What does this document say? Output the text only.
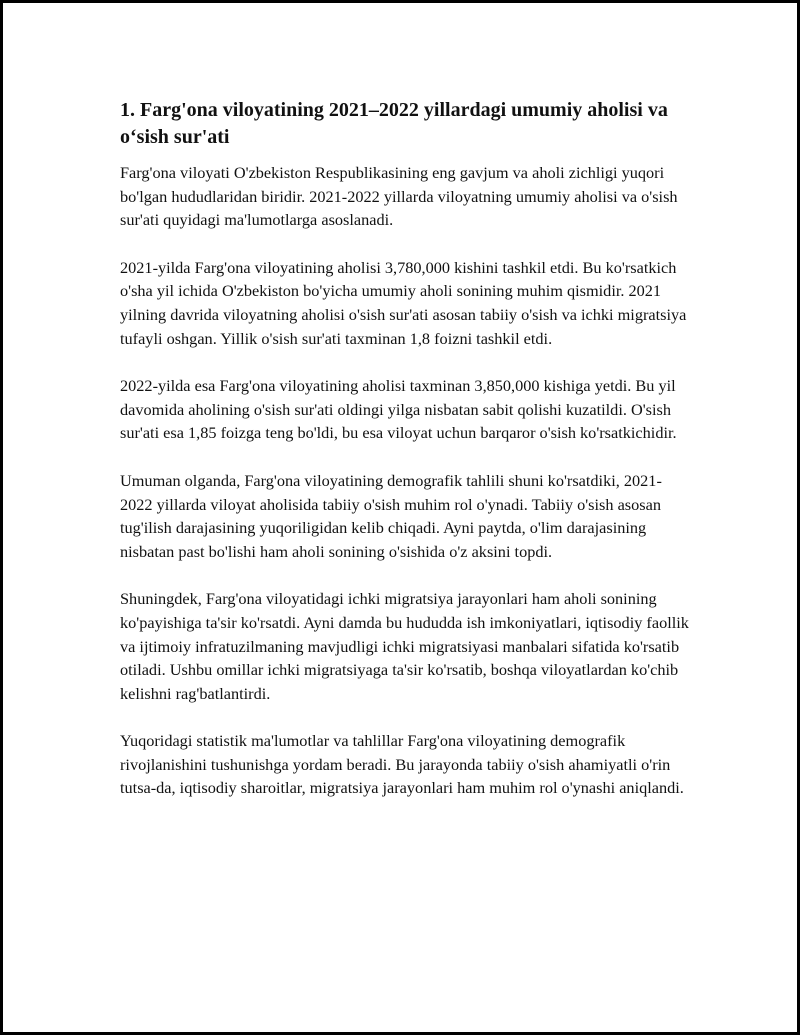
1. Farg'ona viloyatining 2021–2022 yillardagi umumiy aholisi va oʻsish sur'ati

Farg'ona viloyati O'zbekiston Respublikasining eng gavjum va aholi zichligi yuqori bo'lgan hududlaridan biridir. 2021-2022 yillarda viloyatning umumiy aholisi va o'sish sur'ati quyidagi ma'lumotlarga asoslanadi.

2021-yilda Farg'ona viloyatining aholisi 3,780,000 kishini tashkil etdi. Bu ko'rsatkich o'sha yil ichida O'zbekiston bo'yicha umumiy aholi sonining muhim qismidir. 2021 yilning davrida viloyatning aholisi o'sish sur'ati asosan tabiiy o'sish va ichki migratsiya tufayli oshgan. Yillik o'sish sur'ati taxminan 1,8 foizni tashkil etdi.

2022-yilda esa Farg'ona viloyatining aholisi taxminan 3,850,000 kishiga yetdi. Bu yil davomida aholining o'sish sur'ati oldingi yilga nisbatan sabit qolishi kuzatildi. O'sish sur'ati esa 1,85 foizga teng bo'ldi, bu esa viloyat uchun barqaror o'sish ko'rsatkichidir.

Umuman olganda, Farg'ona viloyatining demografik tahlili shuni ko'rsatdiki, 2021-2022 yillarda viloyat aholisida tabiiy o'sish muhim rol o'ynadi. Tabiiy o'sish asosan tug'ilish darajasining yuqoriligidan kelib chiqadi. Ayni paytda, o'lim darajasining nisbatan past bo'lishi ham aholi sonining o'sishida o'z aksini topdi.

Shuningdek, Farg'ona viloyatidagi ichki migratsiya jarayonlari ham aholi sonining ko'payishiga ta'sir ko'rsatdi. Ayni damda bu hududda ish imkoniyatlari, iqtisodiy faollik va ijtimoiy infratuzilmaning mavjudligi ichki migratsiyasi manbalari sifatida ko'rsatib otiladi. Ushbu omillar ichki migratsiyaga ta'sir ko'rsatib, boshqa viloyatlardan ko'chib kelishni rag'batlantirdi.

Yuqoridagi statistik ma'lumotlar va tahlillar Farg'ona viloyatining demografik rivojlanishini tushunishga yordam beradi. Bu jarayonda tabiiy o'sish ahamiyatli o'rin tutsa-da, iqtisodiy sharoitlar, migratsiya jarayonlari ham muhim rol o'ynashi aniqlandi.
